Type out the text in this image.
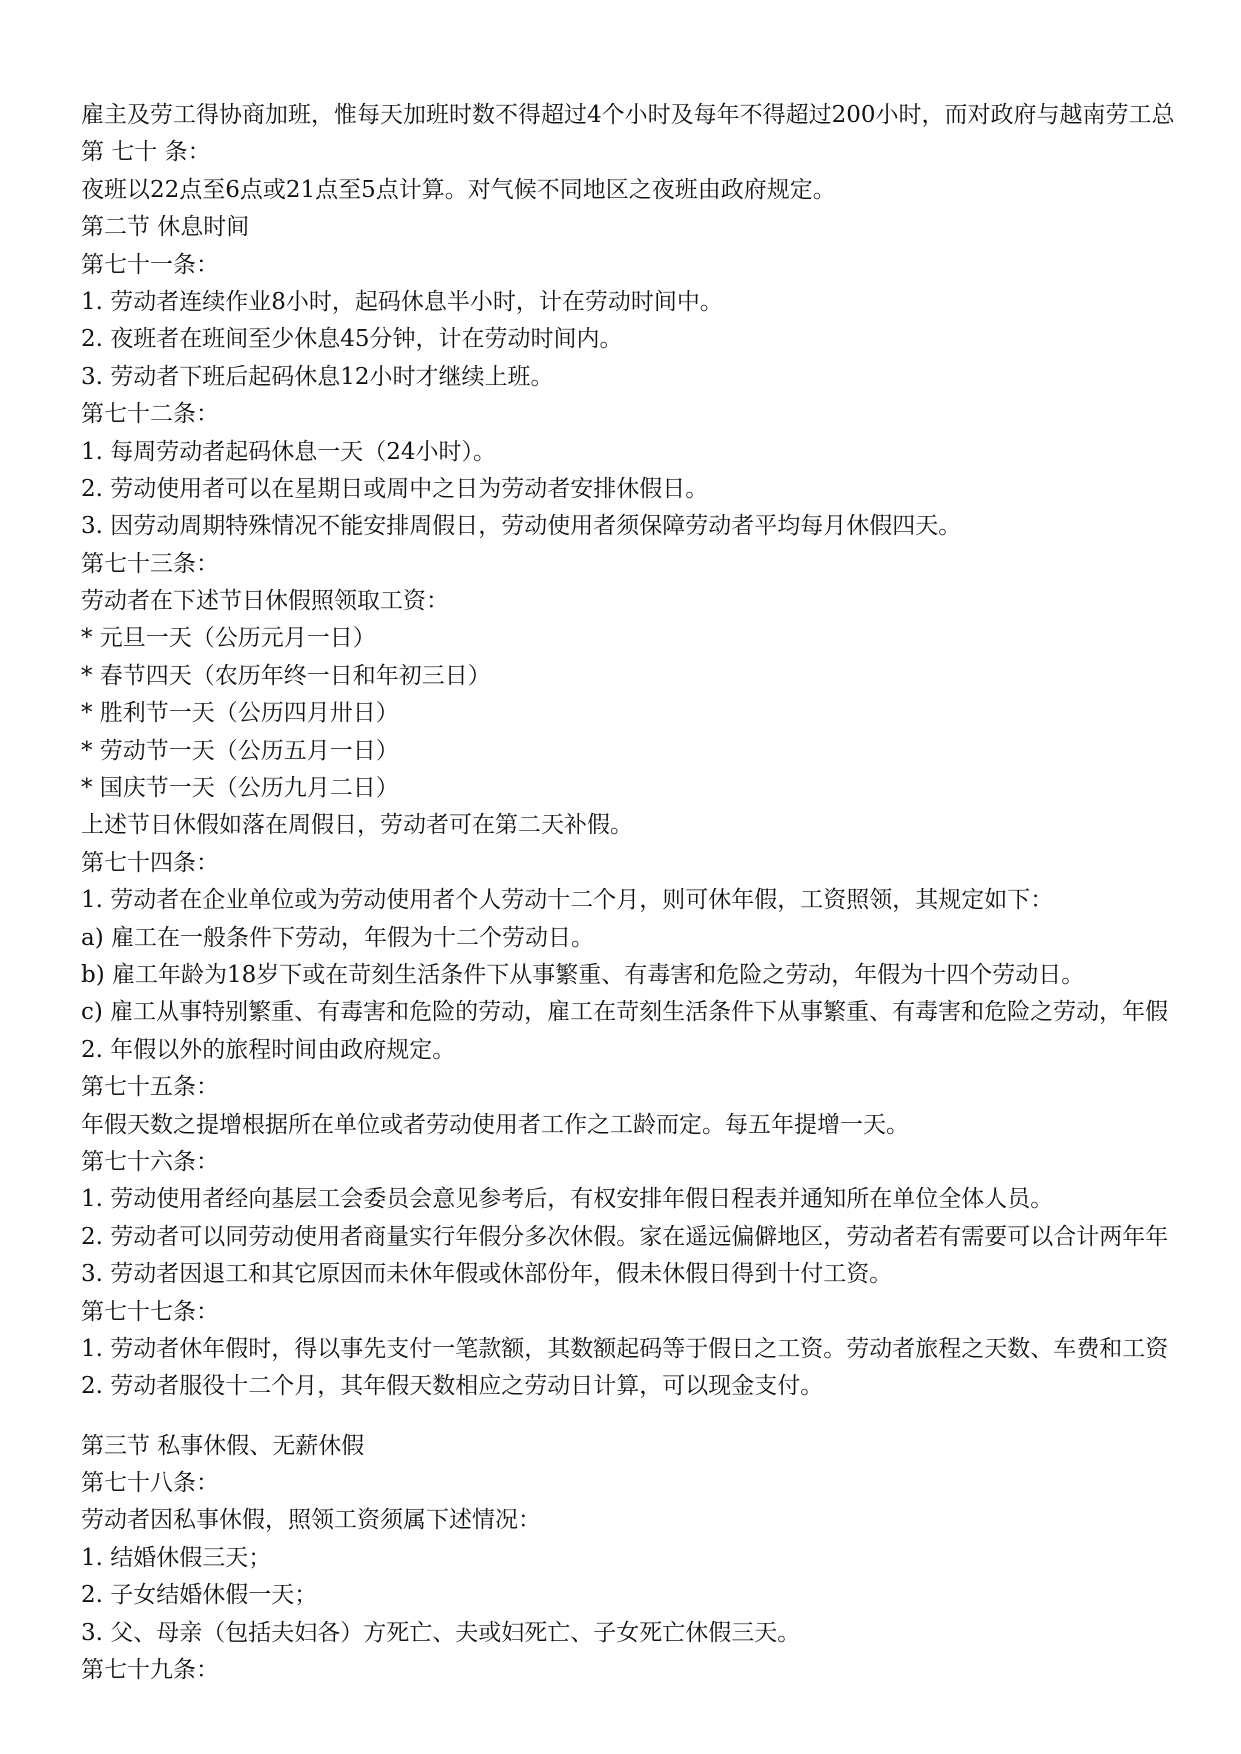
雇主及劳工得协商加班，惟每天加班时数不得超过4个小时及每年不得超过200小时，而对政府与越南劳工总
第 七十 条：
夜班以22点至6点或21点至5点计算。对气候不同地区之夜班由政府规定。
第二节 休息时间
第七十一条：
1. 劳动者连续作业8小时，起码休息半小时，计在劳动时间中。
2. 夜班者在班间至少休息45分钟，计在劳动时间内。
3. 劳动者下班后起码休息12小时才继续上班。
第七十二条：
1. 每周劳动者起码休息一天（24小时）。
2. 劳动使用者可以在星期日或周中之日为劳动者安排休假日。
3. 因劳动周期特殊情况不能安排周假日，劳动使用者须保障劳动者平均每月休假四天。
第七十三条：
劳动者在下述节日休假照领取工资：
* 元旦一天（公历元月一日）
* 春节四天（农历年终一日和年初三日）
* 胜利节一天（公历四月卅日）
* 劳动节一天（公历五月一日）
* 国庆节一天（公历九月二日）
上述节日休假如落在周假日，劳动者可在第二天补假。
第七十四条：
1. 劳动者在企业单位或为劳动使用者个人劳动十二个月，则可休年假，工资照领，其规定如下：
a) 雇工在一般条件下劳动，年假为十二个劳动日。
b) 雇工年龄为18岁下或在苛刻生活条件下从事繁重、有毒害和危险之劳动，年假为十四个劳动日。
c) 雇工从事特别繁重、有毒害和危险的劳动，雇工在苛刻生活条件下从事繁重、有毒害和危险之劳动，年假
2. 年假以外的旅程时间由政府规定。
第七十五条：
年假天数之提增根据所在单位或者劳动使用者工作之工龄而定。每五年提增一天。
第七十六条：
1. 劳动使用者经向基层工会委员会意见参考后，有权安排年假日程表并通知所在单位全体人员。
2. 劳动者可以同劳动使用者商量实行年假分多次休假。家在遥远偏僻地区，劳动者若有需要可以合计两年年
3. 劳动者因退工和其它原因而未休年假或休部份年，假未休假日得到十付工资。
第七十七条：
1. 劳动者休年假时，得以事先支付一笔款额，其数额起码等于假日之工资。劳动者旅程之天数、车费和工资
2. 劳动者服役十二个月，其年假天数相应之劳动日计算，可以现金支付。
第三节 私事休假、无薪休假
第七十八条：
劳动者因私事休假，照领工资须属下述情况：
1. 结婚休假三天；
2. 子女结婚休假一天；
3. 父、母亲（包括夫妇各）方死亡、夫或妇死亡、子女死亡休假三天。
第七十九条：
